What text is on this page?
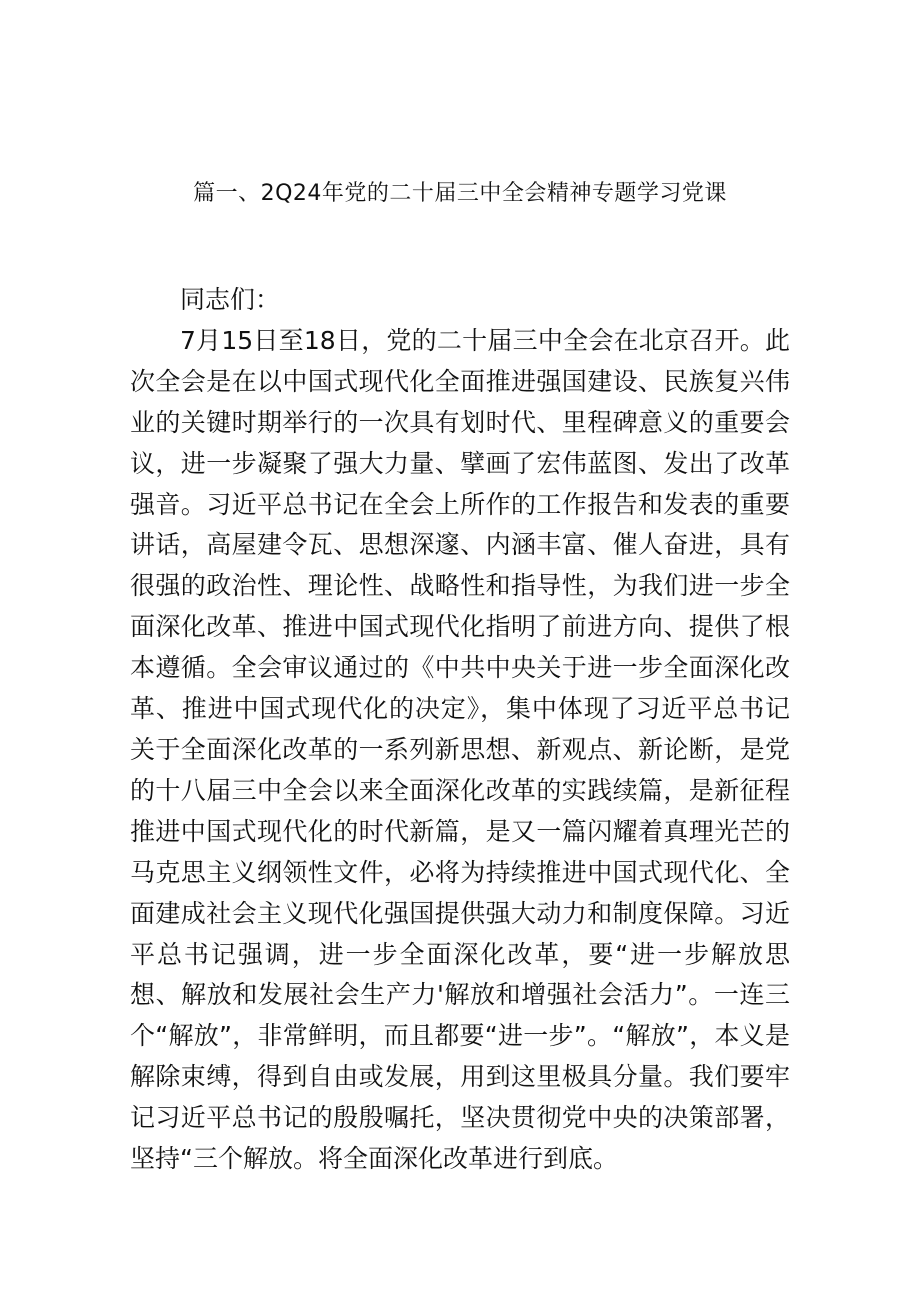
篇一、2Q24年党的二十届三中全会精神专题学习党课

同志们：

7月15日至18日，党的二十届三中全会在北京召开。此次全会是在以中国式现代化全面推进强国建设、民族复兴伟业的关键时期举行的一次具有划时代、里程碑意义的重要会议，进一步凝聚了强大力量、擘画了宏伟蓝图、发出了改革强音。习近平总书记在全会上所作的工作报告和发表的重要讲话，高屋建令瓦、思想深邃、内涵丰富、催人奋进，具有很强的政治性、理论性、战略性和指导性，为我们进一步全面深化改革、推进中国式现代化指明了前进方向、提供了根本遵循。全会审议通过的《中共中央关于进一步全面深化改革、推进中国式现代化的决定》，集中体现了习近平总书记关于全面深化改革的一系列新思想、新观点、新论断，是党的十八届三中全会以来全面深化改革的实践续篇，是新征程推进中国式现代化的时代新篇，是又一篇闪耀着真理光芒的马克思主义纲领性文件，必将为持续推进中国式现代化、全面建成社会主义现代化强国提供强大动力和制度保障。习近平总书记强调，进一步全面深化改革，要“进一步解放思想、解放和发展社会生产力'解放和增强社会活力”。一连三个“解放”，非常鲜明，而且都要“进一步”。“解放”，本义是解除束缚，得到自由或发展，用到这里极具分量。我们要牢记习近平总书记的殷殷嘱托，坚决贯彻党中央的决策部署，坚持“三个解放。将全面深化改革进行到底。
